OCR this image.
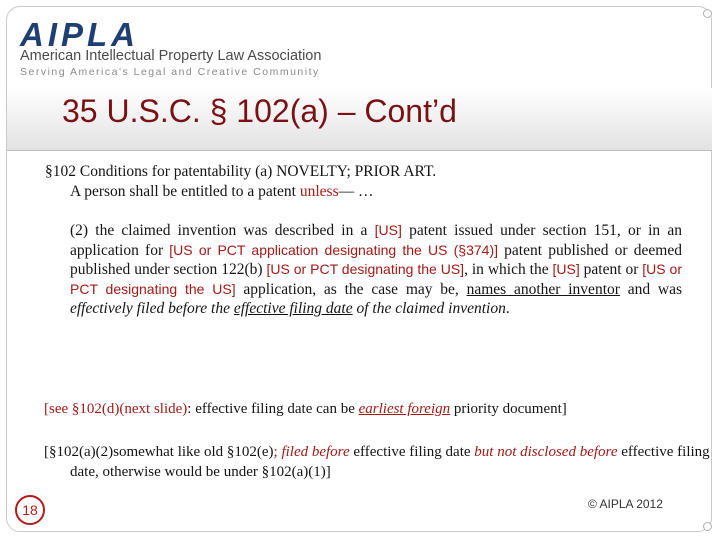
AIPLA
American Intellectual Property Law Association
Serving America's Legal and Creative Community
35 U.S.C. § 102(a) – Cont’d
§102 Conditions for patentability (a) NOVELTY; PRIOR ART.
A person shall be entitled to a patent unless— …
(2) the claimed invention was described in a [US] patent issued under section 151, or in an application for [US or PCT application designating the US (§374)] patent published or deemed published under section 122(b) [US or PCT designating the US], in which the [US] patent or [US or PCT designating the US] application, as the case may be, names another inventor and was effectively filed before the effective filing date of the claimed invention.
[see §102(d)(next slide): effective filing date can be earliest foreign priority document]
[§102(a)(2)somewhat like old §102(e); filed before effective filing date but not disclosed before effective filing date, otherwise would be under §102(a)(1)]
18	© AIPLA 2012
